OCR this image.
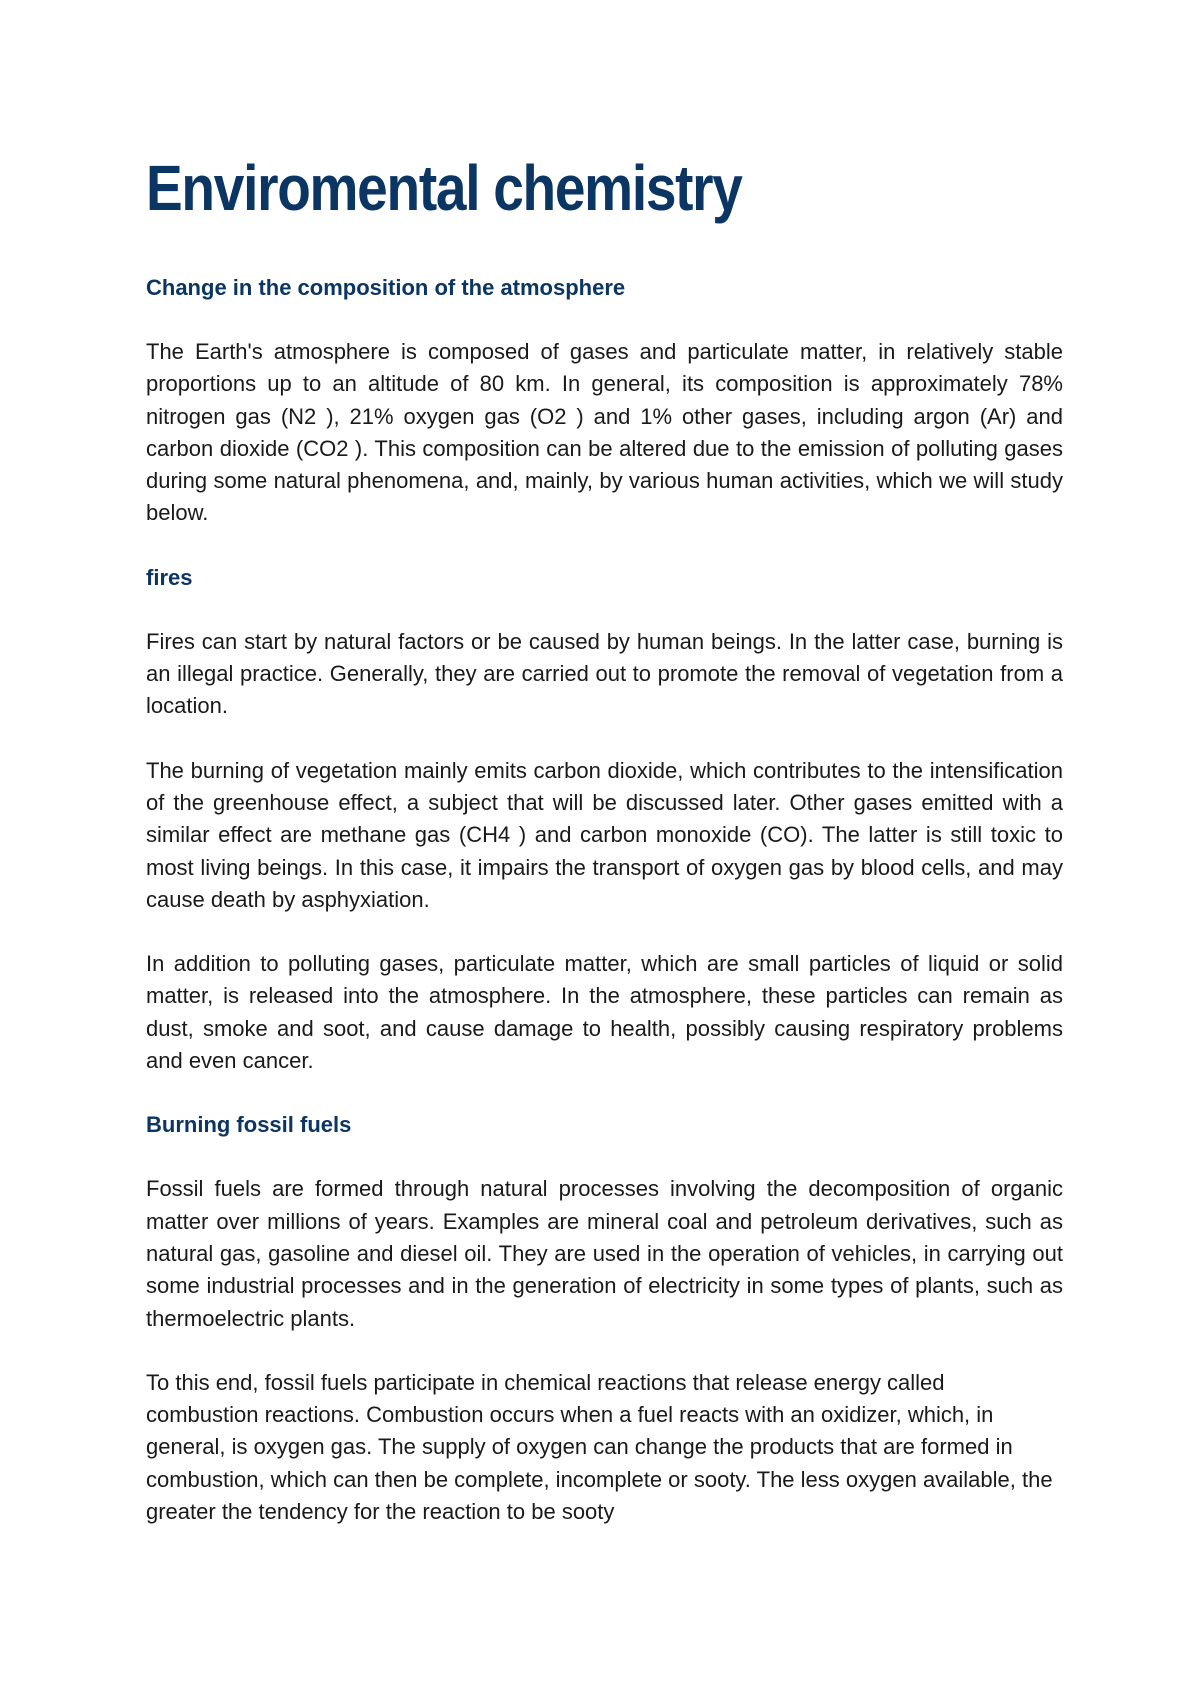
Enviromental chemistry
Change in the composition of the atmosphere

The Earth's atmosphere is composed of gases and particulate matter, in relatively stable proportions up to an altitude of 80 km. In general, its composition is approximately 78% nitrogen gas (N2 ), 21% oxygen gas (O2 ) and 1% other gases, including argon (Ar) and carbon dioxide (CO2 ). This composition can be altered due to the emission of polluting gases during some natural phenomena, and, mainly, by various human activities, which we will study below.

fires

Fires can start by natural factors or be caused by human beings. In the latter case, burning is an illegal practice. Generally, they are carried out to promote the removal of vegetation from a location.

The burning of vegetation mainly emits carbon dioxide, which contributes to the intensification of the greenhouse effect, a subject that will be discussed later. Other gases emitted with a similar effect are methane gas (CH4 ) and carbon monoxide (CO). The latter is still toxic to most living beings. In this case, it impairs the transport of oxygen gas by blood cells, and may cause death by asphyxiation.

In addition to polluting gases, particulate matter, which are small particles of liquid or solid matter, is released into the atmosphere. In the atmosphere, these particles can remain as dust, smoke and soot, and cause damage to health, possibly causing respiratory problems and even cancer.

Burning fossil fuels

Fossil fuels are formed through natural processes involving the decomposition of organic matter over millions of years. Examples are mineral coal and petroleum derivatives, such as natural gas, gasoline and diesel oil. They are used in the operation of vehicles, in carrying out some industrial processes and in the generation of electricity in some types of plants, such as thermoelectric plants.

To this end, fossil fuels participate in chemical reactions that release energy called combustion reactions. Combustion occurs when a fuel reacts with an oxidizer, which, in general, is oxygen gas. The supply of oxygen can change the products that are formed in combustion, which can then be complete, incomplete or sooty. The less oxygen available, the greater the tendency for the reaction to be sooty
